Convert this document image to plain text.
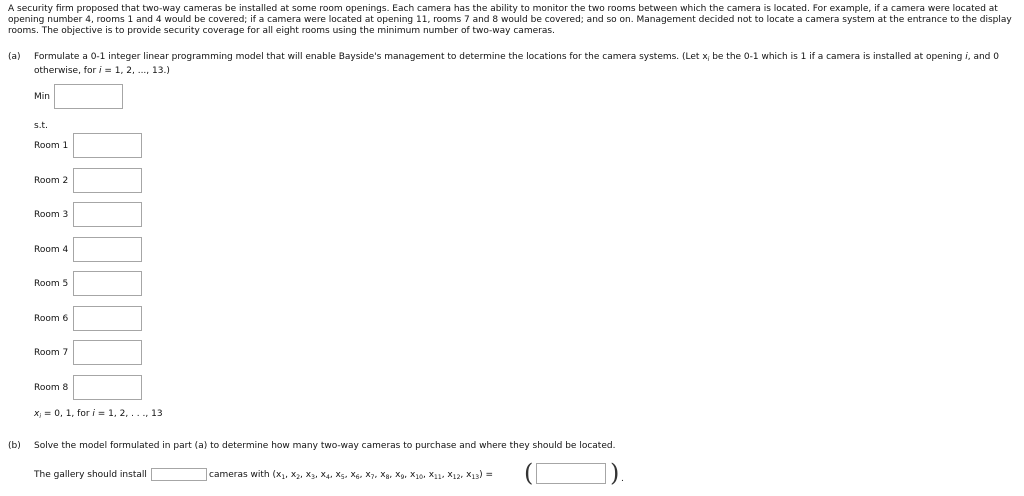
A security firm proposed that two-way cameras be installed at some room openings. Each camera has the ability to monitor the two rooms between which the camera is located. For example, if a camera were located at opening number 4, rooms 1 and 4 would be covered; if a camera were located at opening 11, rooms 7 and 8 would be covered; and so on. Management decided not to locate a camera system at the entrance to the display rooms. The objective is to provide security coverage for all eight rooms using the minimum number of two-way cameras.
(a) Formulate a 0-1 integer linear programming model that will enable Bayside's management to determine the locations for the camera systems. (Let $x_i$ be the 0-1 which is 1 if a camera is installed at opening i, and 0
otherwise, for i = 1, 2, ..., 13.)
Min
s.t.
Room 1
Room 2
Room 3
Room 4
Room 5
Room 6
Room 7
Room 8
$x_i = 0$, 1, for i = 1, 2, . . ., 13
(b) Solve the model formulated in part (a) to determine how many two-way cameras to purchase and where they should be located.
The gallery should install	cameras with ($x_1$, $x_2$, $x_3$, $x_4$, $x_5$, $x_6$, $x_7$, $x_8$, $x_9$, $x_{10}$, $x_{11}$, $x_{12}$, $x_{13}$) = (	) .
